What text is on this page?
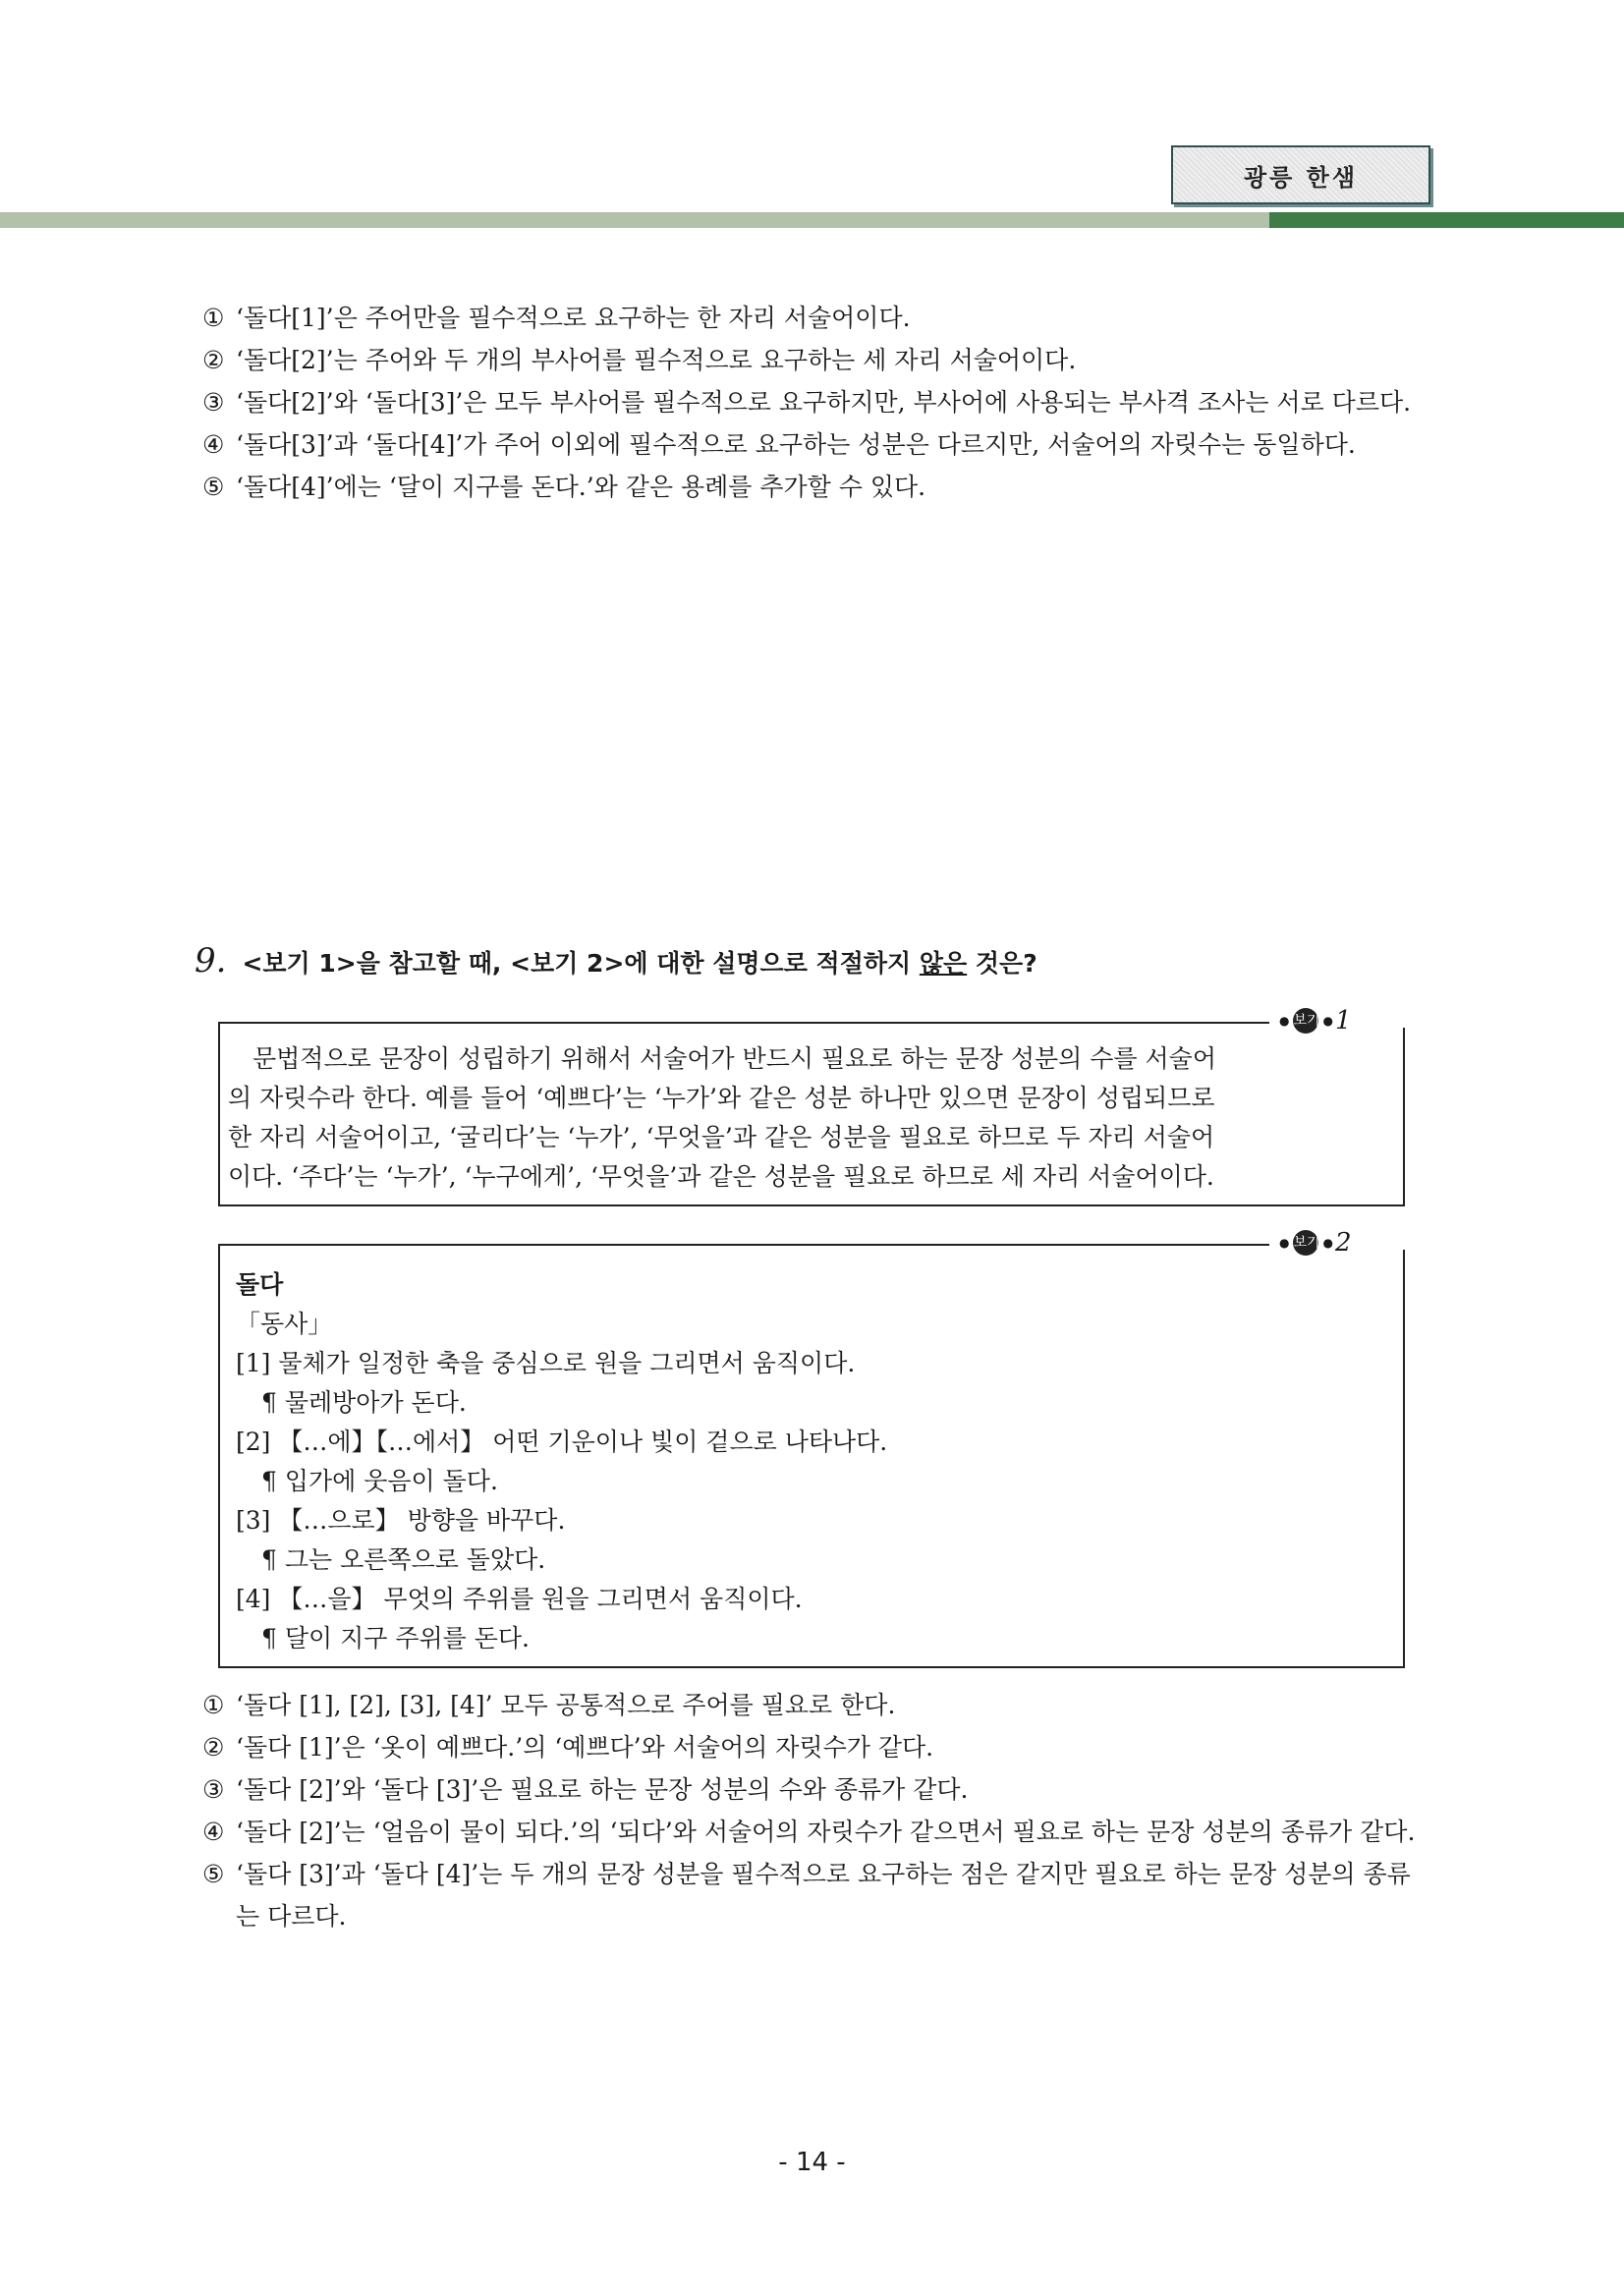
광릉 한샘
① ‘돌다[1]’은 주어만을 필수적으로 요구하는 한 자리 서술어이다.
② ‘돌다[2]’는 주어와 두 개의 부사어를 필수적으로 요구하는 세 자리 서술어이다.
③ ‘돌다[2]’와 ‘돌다[3]’은 모두 부사어를 필수적으로 요구하지만, 부사어에 사용되는 부사격 조사는 서로 다르다.
④ ‘돌다[3]’과 ‘돌다[4]’가 주어 이외에 필수적으로 요구하는 성분은 다르지만, 서술어의 자릿수는 동일하다.
⑤ ‘돌다[4]’에는 ‘달이 지구를 돈다.’와 같은 용례를 추가할 수 있다.
9. <보기 1>을 참고할 때, <보기 2>에 대한 설명으로 적절하지 않은 것은?
● 보기 ● 1

　문법적으로 문장이 성립하기 위해서 서술어가 반드시 필요로 하는 문장 성분의 수를 서술어

의 자릿수라 한다. 예를 들어 ‘예쁘다’는 ‘누가’와 같은 성분 하나만 있으면 문장이 성립되므로

한 자리 서술어이고, ‘굴리다’는 ‘누가’, ‘무엇을’과 같은 성분을 필요로 하므로 두 자리 서술어

이다. ‘주다’는 ‘누가’, ‘누구에게’, ‘무엇을’과 같은 성분을 필요로 하므로 세 자리 서술어이다.

● 보기 ● 2
돌다
「동사」
[1] 물체가 일정한 축을 중심으로 원을 그리면서 움직이다.
¶ 물레방아가 돈다.
[2] 【…에】【…에서】 어떤 기운이나 빛이 겉으로 나타나다.
¶ 입가에 웃음이 돌다.
[3] 【…으로】 방향을 바꾸다.
¶ 그는 오른쪽으로 돌았다.
[4] 【…을】 무엇의 주위를 원을 그리면서 움직이다.
¶ 달이 지구 주위를 돈다.
① ‘돌다 [1], [2], [3], [4]’ 모두 공통적으로 주어를 필요로 한다.
② ‘돌다 [1]’은 ‘옷이 예쁘다.’의 ‘예쁘다’와 서술어의 자릿수가 같다.
③ ‘돌다 [2]’와 ‘돌다 [3]’은 필요로 하는 문장 성분의 수와 종류가 같다.
④ ‘돌다 [2]’는 ‘얼음이 물이 되다.’의 ‘되다’와 서술어의 자릿수가 같으면서 필요로 하는 문장 성분의 종류가 같다.
⑤ ‘돌다 [3]’과 ‘돌다 [4]’는 두 개의 문장 성분을 필수적으로 요구하는 점은 같지만 필요로 하는 문장 성분의 종류는 다르다.
- 14 -
